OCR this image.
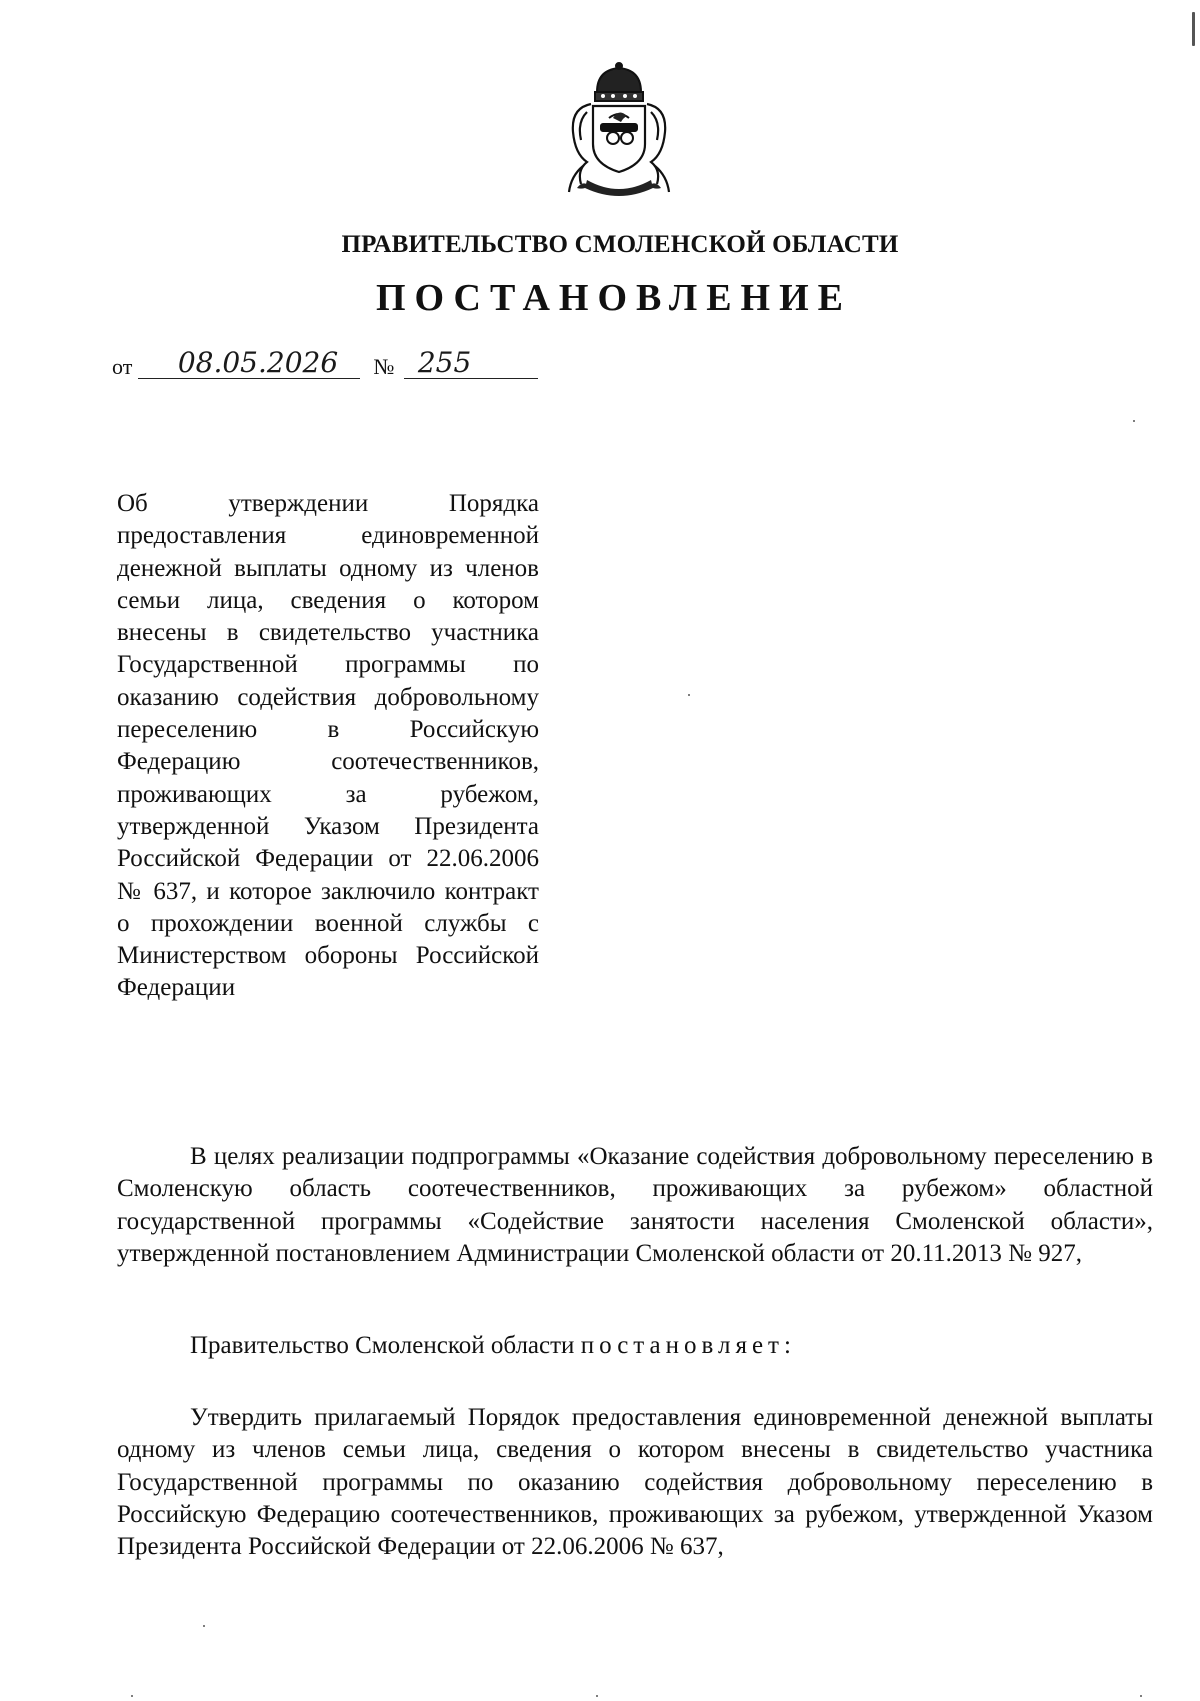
ПРАВИТЕЛЬСТВО СМОЛЕНСКОЙ ОБЛАСТИ
ПОСТАНОВЛЕНИЕ
от 08.05.2026 № 255
Об утверждении Порядка предоставления единовременной денежной выплаты одному из членов семьи лица, сведения о котором внесены в свидетельство участника Государственной программы по оказанию содействия добровольному переселению в Российскую Федерацию соотечественников, проживающих за рубежом, утвержденной Указом Президента Российской Федерации от 22.06.2006 № 637, и которое заключило контракт о прохождении военной службы с Министерством обороны Российской Федерации
В целях реализации подпрограммы «Оказание содействия добровольному переселению в Смоленскую область соотечественников, проживающих за рубежом» областной государственной программы «Содействие занятости населения Смоленской области», утвержденной постановлением Администрации Смоленской области от 20.11.2013 № 927,
Правительство Смоленской области постановляет:
Утвердить прилагаемый Порядок предоставления единовременной денежной выплаты одному из членов семьи лица, сведения о котором внесены в свидетельство участника Государственной программы по оказанию содействия добровольному переселению в Российскую Федерацию соотечественников, проживающих за рубежом, утвержденной Указом Президента Российской Федерации от 22.06.2006 № 637,
